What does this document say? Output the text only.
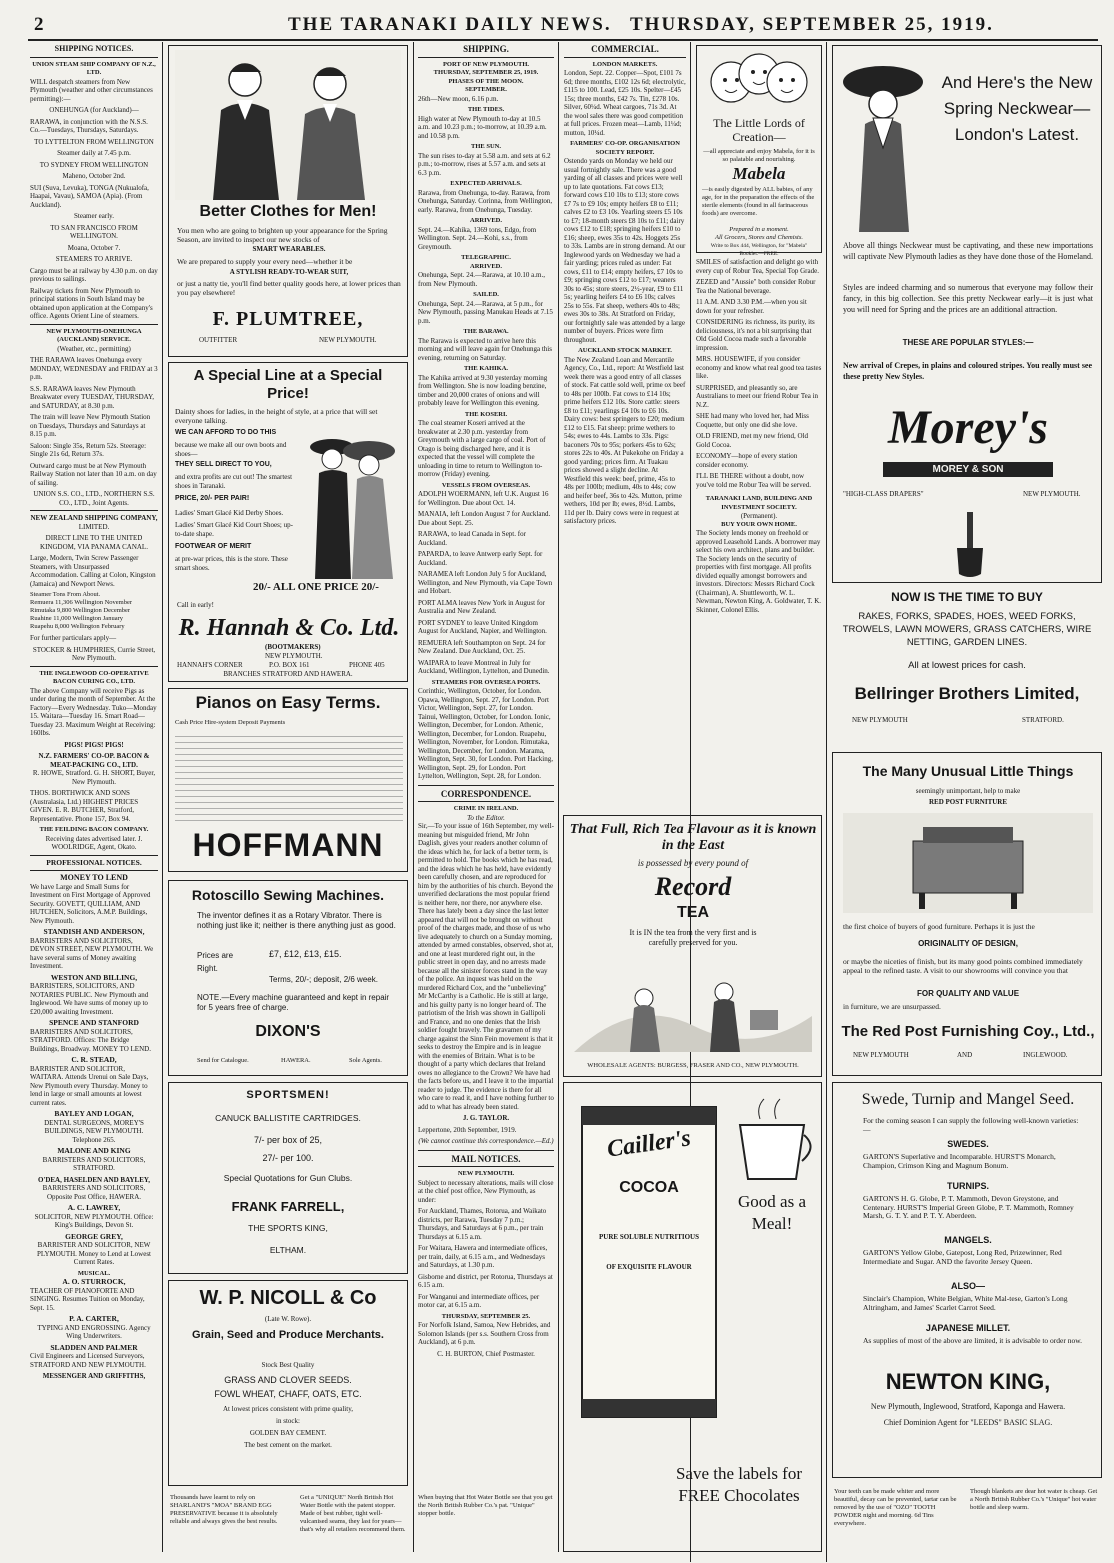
2	THE TARANAKI DAILY NEWS. THURSDAY, SEPTEMBER 25, 1919.
SHIPPING NOTICES.
UNION STEAM SHIP COMPANY OF N.Z., LTD.

WILL despatch steamers from New Plymouth (weather and other circumstances permitting):—

ONEHUNGA (for Auckland)—

RARAWA, in conjunction with the N.S.S. Co.—Tuesdays, Thursdays, Saturdays.

TO LYTTELTON FROM WELLINGTON

Steamer daily at 7.45 p.m.

TO SYDNEY FROM WELLINGTON

Maheno, October 2nd.

SUI (Suva, Levuka), TONGA (Nukualofa, Haapai, Vavau), SAMOA (Apia). (From Auckland).

Steamer early.

TO SAN FRANCISCO FROM WELLINGTON.

Moana, October 7.

STEAMERS TO ARRIVE.

Cargo must be at railway by 4.30 p.m. on day previous to sailings.

Railway tickets from New Plymouth to principal stations in South Island may be obtained upon application at the Company's office. Agents Orient Line of steamers.

NEW PLYMOUTH-ONEHUNGA (AUCKLAND) SERVICE.

(Weather, etc., permitting)

THE RARAWA leaves Onehunga every MONDAY, WEDNESDAY and FRIDAY at 3 p.m.

S.S. RARAWA leaves New Plymouth Breakwater every TUESDAY, THURSDAY, and SATURDAY, at 8.30 p.m.

The train will leave New Plymouth Station on Tuesdays, Thursdays and Saturdays at 8.15 p.m.

Saloon: Single 35s, Return 52s. Steerage: Single 21s 6d, Return 37s.

Outward cargo must be at New Plymouth Railway Station not later than 10 a.m. on day of sailing.

UNION S.S. CO., LTD., NORTHERN S.S. CO., LTD., Joint Agents.

NEW ZEALAND SHIPPING COMPANY,

LIMITED.

DIRECT LINE TO THE UNITED KINGDOM, VIA PANAMA CANAL.

Large, Modern, Twin Screw Passenger Steamers, with Unsurpassed Accommodation. Calling at Colon, Kingston (Jamaica) and Newport News.

Steamer Tons From About.
Remuera 11,306 Wellington November
Rimutaka 9,800 Wellington December
Ruahine 11,000 Wellington January
Ruapehu 8,000 Wellington February

For further particulars apply—

STOCKER & HUMPHRIES, Currie Street, New Plymouth.

THE INGLEWOOD CO-OPERATIVE BACON CURING CO., LTD.

The above Company will receive Pigs as under during the month of September. At the Factory—Every Wednesday. Tuko—Monday 15. Waitara—Tuesday 16. Smart Road—Tuesday 23. Maximum Weight at Receiving: 160lbs.

PIGS! PIGS! PIGS!
N.Z. FARMERS' CO-OP. BACON & MEAT-PACKING CO., LTD.

R. HOWE, Stratford. G. H. SHORT, Buyer, New Plymouth.

THOS. BORTHWICK AND SONS (Australasia, Ltd.) HIGHEST PRICES GIVEN. E. R. BUTCHER, Stratford, Representative. Phone 157, Box 94.

THE FEILDING BACON COMPANY.

Receiving dates advertised later. J. WOOLRIDGE, Agent, Okato.

PROFESSIONAL NOTICES.
MONEY TO LEND

We have Large and Small Sums for Investment on First Mortgage of Approved Security. GOVETT, QUILLIAM, AND HUTCHEN, Solicitors, A.M.P. Buildings, New Plymouth.

STANDISH AND ANDERSON,

BARRISTERS AND SOLICITORS, DEVON STREET, NEW PLYMOUTH. We have several sums of Money awaiting Investment.

WESTON AND BILLING,

BARRISTERS, SOLICITORS, AND NOTARIES PUBLIC. New Plymouth and Inglewood. We have sums of money up to £20,000 awaiting Investment.

SPENCE AND STANFORD

BARRISTERS AND SOLICITORS, STRATFORD. Offices: The Bridge Buildings, Broadway. MONEY TO LEND.

C. R. STEAD,

BARRISTER AND SOLICITOR, WAITARA. Attends Urenui on Sale Days, New Plymouth every Thursday. Money to lend in large or small amounts at lowest current rates.

BAYLEY AND LOGAN,

DENTAL SURGEONS, MOREY'S BUILDINGS, NEW PLYMOUTH. Telephone 265.

MALONE AND KING

BARRISTERS AND SOLICITORS, STRATFORD.

O'DEA, HASELDEN AND BAYLEY,

BARRISTERS AND SOLICITORS, Opposite Post Office, HAWERA.

A. C. LAWREY,

SOLICITOR, NEW PLYMOUTH. Office: King's Buildings, Devon St.

GEORGE GREY,

BARRISTER AND SOLICITOR, NEW PLYMOUTH. Money to Lend at Lowest Current Rates.

MUSICAL.
A. O. STURROCK,

TEACHER OF PIANOFORTE AND SINGING. Resumes Tuition on Monday, Sept. 15.

P. A. CARTER,

TYPING AND ENGROSSING. Agency Wing Underwriters.

SLADDEN AND PALMER

Civil Engineers and Licensed Surveyors, STRATFORD AND NEW PLYMOUTH.

MESSENGER AND GRIFFITHS,
Better Clothes for Men!
You men who are going to brighten up your appearance for the Spring Season, are invited to inspect our new stocks of
SMART WEARABLES.
We are prepared to supply your every need—whether it be
A STYLISH READY-TO-WEAR SUIT,
or just a natty tie, you'll find better quality goods here, at lower prices than you pay elsewhere!
F. PLUMTREE,
OUTFITTER	NEW PLYMOUTH.
A Special Line at a Special Price!
Dainty shoes for ladies, in the height of style, at a price that will set everyone talking.
WE CAN AFFORD TO DO THIS
because we make all our own boots and shoes—
THEY SELL DIRECT TO YOU,
and extra profits are cut out! The smartest shoes in Taranaki.
PRICE, 20/- PER PAIR!
Ladies' Smart Glacé Kid Derby Shoes.
Ladies' Smart Glacé Kid Court Shoes; up-to-date shape.
FOOTWEAR OF MERIT
at pre-war prices, this is the store. These smart shoes.
20/- ALL ONE PRICE 20/-
Call in early!
R. Hannah & Co. Ltd.
(BOOTMAKERS)
NEW PLYMOUTH.
HANNAH'S CORNER	P.O. BOX 161	PHONE 405
BRANCHES STRATFORD AND HAWERA.
Pianos on Easy Terms.
Cash Price Hire-system Deposit Payments
HOFFMANN
Rotoscillo Sewing Machines.
The inventor defines it as a Rotary Vibrator. There is nothing just like it; neither is there anything just as good.
Prices are Right.
£7, £12, £13, £15.
Terms, 20/-; deposit, 2/6 week.
NOTE.—Every machine guaranteed and kept in repair for 5 years free of charge.
DIXON'S
Send for Catalogue.	HAWERA.	Sole Agents.
SPORTSMEN!
CANUCK BALLISTITE CARTRIDGES.
7/- per box of 25,
27/- per 100.
Special Quotations for Gun Clubs.
FRANK FARRELL,
THE SPORTS KING,
ELTHAM.
W. P. NICOLL & Co
(Late W. Rowe).
Grain, Seed and Produce Merchants.
Stock Best Quality
GRASS AND CLOVER SEEDS.
FOWL WHEAT, CHAFF, OATS, ETC.
At lowest prices consistent with prime quality,
in stock:
GOLDEN BAY CEMENT.
The best cement on the market.
Thousands have learnt to rely on SHARLAND'S "MOA" BRAND EGG PRESERVATIVE because it is absolutely reliable and always gives the best results.
Get a "UNIQUE" North British Hot Water Bottle with the patent stopper. Made of best rubber, tight well-vulcanised seams, they last for years—that's why all retailers recommend them.
SHIPPING.
PORT OF NEW PLYMOUTH.
THURSDAY, SEPTEMBER 25, 1919.
PHASES OF THE MOON.
SEPTEMBER.

26th—New moon, 6.16 p.m.

THE TIDES.

High water at New Plymouth to-day at 10.5 a.m. and 10.23 p.m.; to-morrow, at 10.39 a.m. and 10.58 p.m.

THE SUN.

The sun rises to-day at 5.58 a.m. and sets at 6.2 p.m.; to-morrow, rises at 5.57 a.m. and sets at 6.3 p.m.

EXPECTED ARRIVALS.

Rarawa, from Onehunga, to-day. Rarawa, from Onehunga, Saturday. Corinna, from Wellington, early. Rarawa, from Onehunga, Tuesday.

ARRIVED.

Sept. 24.—Kahika, 1369 tons, Edgo, from Wellington. Sept. 24.—Kohi, s.s., from Greymouth.

TELEGRAPHIC.
ARRIVED.

Onehunga, Sept. 24.—Rarawa, at 10.10 a.m., from New Plymouth.

SAILED.

Onehunga, Sept. 24.—Rarawa, at 5 p.m., for New Plymouth, passing Manukau Heads at 7.15 p.m.

THE BARAWA.

The Rarawa is expected to arrive here this morning and will leave again for Onehunga this evening, returning on Saturday.

THE KAHIKA.

The Kahika arrived at 9.30 yesterday morning from Wellington. She is now loading benzine, timber and 20,000 crates of onions and will probably leave for Wellington this evening.

THE KOSERI.

The coal steamer Koseri arrived at the breakwater at 2.30 p.m. yesterday from Greymouth with a large cargo of coal. Port of Otago is being discharged here, and it is expected that the vessel will complete the unloading in time to return to Wellington to-morrow (Friday) evening.

VESSELS FROM OVERSEAS.

ADOLPH WOERMANN, left U.K. August 16 for Wellington. Due about Oct. 14.

MANAIA, left London August 7 for Auckland. Due about Sept. 25.

RARAWA, to lead Canada in Sept. for Auckland.

PAPARDA, to leave Antwerp early Sept. for Auckland.

NARAMEA left London July 5 for Auckland, Wellington, and New Plymouth, via Cape Town and Hobart.

PORT ALMA leaves New York in August for Australia and New Zealand.

PORT SYDNEY to leave United Kingdom August for Auckland, Napier, and Wellington.

REMUERA left Southampton on Sept. 24 for New Zealand. Due Auckland, Oct. 25.

WAIPARA to leave Montreal in July for Auckland, Wellington, Lyttelton, and Dunedin.

STEAMERS FOR OVERSEA PORTS.

Corinthic, Wellington, October, for London. Opawa, Wellington, Sept. 27, for London. Port Victor, Wellington, Sept. 27, for London. Tainui, Wellington, October, for London. Ionic, Wellington, December, for London. Athenic, Wellington, December, for London. Ruapehu, Wellington, November, for London. Rimutaka, Wellington, December, for London. Marama, Wellington, Sept. 30, for London. Port Hacking, Wellington, Sept. 29, for London. Port Lyttelton, Wellington, Sept. 28, for London.

CORRESPONDENCE.
CRIME IN IRELAND.
To the Editor.

Sir,—To your issue of 16th September, my well-meaning but misguided friend, Mr John Daglish, gives your readers another column of the ideas which he, for lack of a better term, is permitted to hold. The books which he has read, and the ideas which he has held, have evidently been carefully chosen, and are reproduced for him by the authorities of his church. Beyond the unverified declarations the most popular friend is neither here, nor there, nor anywhere else. There has lately been a day since the last letter appeared that will not be brought on without proof of the charges made, and those of us who live adequately to church on a Sunday morning, attended by armed constables, observed, shot at, and one at least murdered right out, in the public street in open day, and no arrests made because all the sinister forces stand in the way of the police. An inquest was held on the murdered Richard Cox, and the "unbelieving" Mr McCarthy is a Catholic. He is still at large, and his guilty party is no longer heard of. The patriotism of the Irish was shown in Gallipoli and France, and no one denies that the Irish soldier fought bravely. The gravamen of my charge against the Sinn Fein movement is that it seeks to destroy the Empire and is in league with the enemies of Britain. What is to be thought of a party which declares that Ireland owes no allegiance to the Crown? We have had the facts before us, and I leave it to the impartial reader to judge. The evidence is there for all who care to read it, and I have nothing further to add to what has already been stated.

J. G. TAYLOR.

Leppertone, 20th September, 1919.

(We cannot continue this correspondence.—Ed.)

MAIL NOTICES.
NEW PLYMOUTH.

Subject to necessary alterations, mails will close at the chief post office, New Plymouth, as under:

For Auckland, Thames, Rotorua, and Waikato districts, per Rarawa, Tuesday 7 p.m.; Thursdays, and Saturdays at 6 p.m., per train Thursdays at 6.15 a.m.

For Waitara, Hawera and intermediate offices, per train, daily, at 6.15 a.m., and Wednesdays and Saturdays, at 1.30 p.m.

Gisborne and district, per Rotorua, Thursdays at 6.15 a.m.

For Wanganui and intermediate offices, per motor car, at 6.15 a.m.

THURSDAY, SEPTEMBER 25.

For Norfolk Island, Samoa, New Hebrides, and Solomon Islands (per s.s. Southern Cross from Auckland), at 6 p.m.

C. H. BURTON, Chief Postmaster.

When buying that Hot Water Bottle see that you get the North British Rubber Co.'s pat. "Unique" stopper bottle.
COMMERCIAL.
LONDON MARKETS.

London, Sept. 22. Copper—Spot, £101 7s 6d; three months, £102 12s 6d; electrolytic, £115 to 100. Lead, £25 10s. Spelter—£45 15s; three months, £42 7s. Tin, £278 10s. Silver, 60¼d. Wheat cargoes, 71s 3d. At the wool sales there was good competition at full prices. Frozen meat—Lamb, 11¼d; mutton, 10¼d.

FARMERS' CO-OP. ORGANISATION SOCIETY REPORT.

Ostendo yards on Monday we held our usual fortnightly sale. There was a good yarding of all classes and prices were well up to late quotations. Fat cows £13; forward cows £10 10s to £13; store cows £7 7s to £9 10s; empty heifers £8 to £11; calves £2 to £3 10s. Yearling steers £5 10s to £7; 18-month steers £8 10s to £11; dairy cows £12 to £18; springing heifers £10 to £16; sheep, ewes 35s to 42s. Hoggets 25s to 33s. Lambs are in strong demand. At our Inglewood yards on Wednesday we had a fair yarding; prices ruled as under: Fat cows, £11 to £14; empty heifers, £7 10s to £9; springing cows £12 to £17; weaners 30s to 45s; store steers, 2½-year, £9 to £11 5s; yearling heifers £4 to £6 10s; calves 25s to 55s. Fat sheep, wethers 40s to 48s; ewes 30s to 38s. At Stratford on Friday, our fortnightly sale was attended by a large number of buyers. Prices were firm throughout.

AUCKLAND STOCK MARKET.

The New Zealand Loan and Mercantile Agency, Co., Ltd., report: At Westfield last week there was a good entry of all classes of stock. Fat cattle sold well, prime ox beef to 48s per 100lb. Fat cows to £14 10s; prime heifers £12 10s. Store cattle: steers £8 to £11; yearlings £4 10s to £6 10s. Dairy cows: best springers to £20; medium £12 to £15. Fat sheep: prime wethers to 54s; ewes to 44s. Lambs to 33s. Pigs: baconers 70s to 95s; porkers 45s to 62s; stores 22s to 40s. At Pukekohe on Friday a good yarding; prices firm. At Tuakau prices showed a slight decline. At Westfield this week: beef, prime, 45s to 48s per 100lb; medium, 40s to 44s; cow and heifer beef, 36s to 42s. Mutton, prime wethers, 10d per lb; ewes, 8½d. Lambs, 11d per lb. Dairy cows were in request at satisfactory prices.

The Little Lords of Creation—
—all appreciate and enjoy Mabela, for it is so palatable and nourishing.
Mabela
—is easily digested by ALL babies, of any age, for in the preparation the effects of the sterile elements (found in all farinaceous foods) are overcome.
Prepared in a moment.
All Grocers, Stores and Chemists.
Write to Box 444, Wellington, for "Mabela" Booklet.—FREE.

SMILES of satisfaction and delight go with every cup of Robur Tea, Special Top Grade.

ZEZED and "Aussie" both consider Robur Tea the National beverage.

11 A.M. AND 3.30 P.M.—when you sit down for your refresher.

CONSIDERING its richness, its purity, its deliciousness, it's not a bit surprising that Old Gold Cocoa made such a favorable impression.

MRS. HOUSEWIFE, if you consider economy and know what real good tea tastes like.

SURPRISED, and pleasantly so, are Australians to meet our friend Robur Tea in N.Z.

SHE had many who loved her, had Miss Coquette, but only one did she love.

OLD FRIEND, met my new friend, Old Gold Cocoa.

ECONOMY—hope of every station consider economy.

I'LL BE THERE without a doubt, now you've told me Robur Tea will be served.

TARANAKI LAND, BUILDING AND INVESTMENT SOCIETY.
(Permanent).
BUY YOUR OWN HOME.

The Society lends money on freehold or approved Leasehold Lands. A borrower may select his own architect, plans and builder. The Society lends on the security of properties with first mortgage. All profits divided equally amongst borrowers and investors. Directors: Messrs Richard Cock (Chairman), A. Shuttleworth, W. L. Newman, Newton King, A. Goldwater, T. K. Skinner, Colonel Ellis.

That Full, Rich Tea Flavour as it is known in the East
is possessed by every pound of
Record
TEA
It is IN the tea from the very first and is carefully preserved for you.
WHOLESALE AGENTS: BURGESS, FRASER AND CO., NEW PLYMOUTH.
Cailler's
COCOA
PURE SOLUBLE NUTRITIOUS
OF EXQUISITE FLAVOUR
Good as a Meal!
Save the labels for FREE Chocolates
And Here's the New Spring Neckwear— London's Latest.
Above all things Neckwear must be captivating, and these new importations will captivate New Plymouth ladies as they have done those of the Homeland.
Styles are indeed charming and so numerous that everyone may follow their fancy, in this big collection. See this pretty Neckwear early—it is just what you will need for Spring and the prices are an additional attraction.
THESE ARE POPULAR STYLES:—
New arrival of Crepes, in plains and coloured stripes. You really must see these pretty New Styles.
Morey's
MOREY & SON
"HIGH-CLASS DRAPERS"	NEW PLYMOUTH.
NOW IS THE TIME TO BUY
RAKES, FORKS, SPADES, HOES, WEED FORKS, TROWELS, LAWN MOWERS, GRASS CATCHERS, WIRE NETTING, GARDEN LINES.
All at lowest prices for cash.
Bellringer Brothers Limited,
NEW PLYMOUTH	STRATFORD.
The Many Unusual Little Things
seemingly unimportant, help to make
RED POST FURNITURE
the first choice of buyers of good furniture. Perhaps it is just the
ORIGINALITY OF DESIGN,
or maybe the niceties of finish, but its many good points combined immediately appeal to the refined taste. A visit to our showrooms will convince you that
FOR QUALITY AND VALUE
in furniture, we are unsurpassed.
The Red Post Furnishing Coy., Ltd.,
NEW PLYMOUTH	AND	INGLEWOOD.
Swede, Turnip and Mangel Seed.
For the coming season I can supply the following well-known varieties:—
SWEDES.
GARTON'S Superlative and Incomparable. HURST'S Monarch, Champion, Crimson King and Magnum Bonum.
TURNIPS.
GARTON'S H. G. Globe, P. T. Mammoth, Devon Greystone, and Centenary. HURST'S Imperial Green Globe, P. T. Mammoth, Romney Marsh, G. T. Y. and P. T. Y. Aberdeen.
MANGELS.
GARTON'S Yellow Globe, Gatepost, Long Red, Prizewinner, Red Intermediate and Sugar. AND the favorite Jersey Queen.
ALSO—
Sinclair's Champion, White Belgian, White Mal-tese, Garton's Long Altringham, and James' Scarlet Carrot Seed.
JAPANESE MILLET.
As supplies of most of the above are limited, it is advisable to order now.
NEWTON KING,
New Plymouth, Inglewood, Stratford, Kaponga and Hawera.
Chief Dominion Agent for "LEEDS" BASIC SLAG.
Your teeth can be made whiter and more beautiful, decay can be prevented, tartar can be removed by the use of "OZO" TOOTH POWDER night and morning. 6d Tins everywhere.
Though blankets are dear hot water is cheap. Get a North British Rubber Co.'s "Unique" hot water bottle and sleep warm.
